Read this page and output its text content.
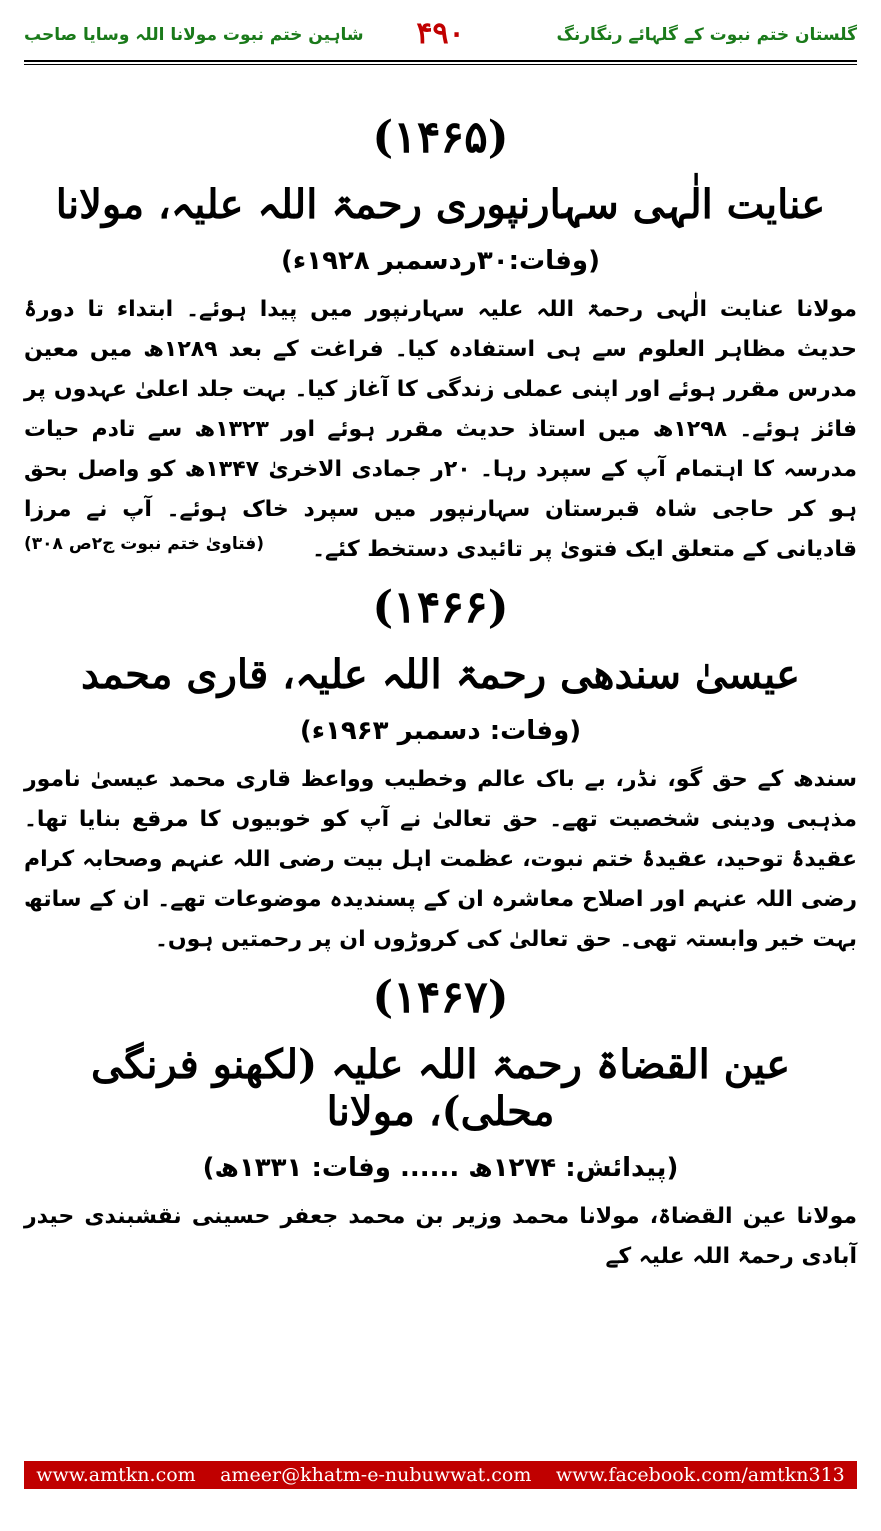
شاہین ختم نبوت مولانا اللہ وسایا صاحب	۴۹۰	گلستان ختم نبوت کے گلہائے رنگارنگ
(۱۴۶۵)
عنایت الٰہی سہارنپوری رحمۃ اللہ علیہ، مولانا
(وفات:۳۰ردسمبر ۱۹۲۸ء)
مولانا عنایت الٰہی رحمۃ اللہ علیہ سہارنپور میں پیدا ہوئے۔ ابتداء تا دورۂ حدیث مظاہر العلوم سے ہی استفادہ کیا۔ فراغت کے بعد ۱۲۸۹ھ میں معین مدرس مقرر ہوئے اور اپنی عملی زندگی کا آغاز کیا۔ بہت جلد اعلیٰ عہدوں پر فائز ہوئے۔ ۱۲۹۸ھ میں استاذ حدیث مقرر ہوئے اور ۱۳۲۳ھ سے تادم حیات مدرسہ کا اہتمام آپ کے سپرد رہا۔ ۲۰ر جمادی الاخریٰ ۱۳۴۷ھ کو واصل بحق ہو کر حاجی شاہ قبرستان سہارنپور میں سپرد خاک ہوئے۔ آپ نے مرزا قادیانی کے متعلق ایک فتویٰ پر تائیدی دستخط کئے۔
(فتاویٰ ختم نبوت ج۲ص ۳۰۸)
(۱۴۶۶)
عیسیٰ سندھی رحمۃ اللہ علیہ، قاری محمد
(وفات: دسمبر ۱۹۶۳ء)
سندھ کے حق گو، نڈر، بے باک عالم وخطیب وواعظ قاری محمد عیسیٰ نامور مذہبی ودینی شخصیت تھے۔ حق تعالیٰ نے آپ کو خوبیوں کا مرقع بنایا تھا۔ عقیدۂ توحید، عقیدۂ ختم نبوت، عظمت اہل بیت رضی اللہ عنہم وصحابہ کرام رضی اللہ عنہم اور اصلاح معاشرہ ان کے پسندیدہ موضوعات تھے۔ ان کے ساتھ بہت خیر وابستہ تھی۔ حق تعالیٰ کی کروڑوں ان پر رحمتیں ہوں۔
(۱۴۶۷)
عین القضاۃ رحمۃ اللہ علیہ (لکھنو فرنگی محلی)، مولانا
(پیدائش: ۱۲۷۴ھ ...... وفات: ۱۳۳۱ھ)
مولانا عین القضاۃ، مولانا محمد وزیر بن محمد جعفر حسینی نقشبندی حیدر آبادی رحمۃ اللہ علیہ کے
www.amtkn.com ameer@khatm-e-nubuwwat.com www.facebook.com/amtkn313
